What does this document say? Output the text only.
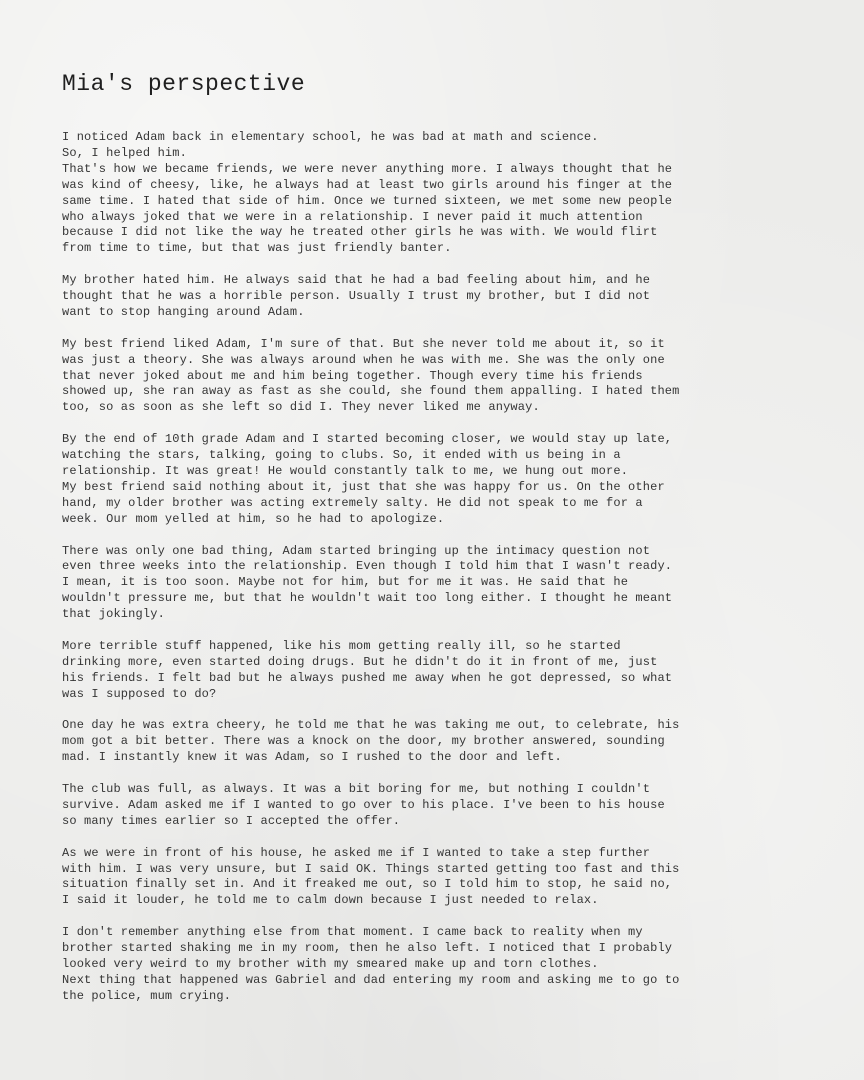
Mia's perspective
I noticed Adam back in elementary school, he was bad at math and science.
So, I helped him.
That's how we became friends, we were never anything more. I always thought that he
was kind of cheesy, like, he always had at least two girls around his finger at the
same time. I hated that side of him. Once we turned sixteen, we met some new people
who always joked that we were in a relationship. I never paid it much attention
because I did not like the way he treated other girls he was with. We would flirt
from time to time, but that was just friendly banter.
My brother hated him. He always said that he had a bad feeling about him, and he
thought that he was a horrible person. Usually I trust my brother, but I did not
want to stop hanging around Adam.
My best friend liked Adam, I'm sure of that. But she never told me about it, so it
was just a theory. She was always around when he was with me. She was the only one
that never joked about me and him being together. Though every time his friends
showed up, she ran away as fast as she could, she found them appalling. I hated them
too, so as soon as she left so did I. They never liked me anyway.
By the end of 10th grade Adam and I started becoming closer, we would stay up late,
watching the stars, talking, going to clubs. So, it ended with us being in a
relationship. It was great! He would constantly talk to me, we hung out more.
My best friend said nothing about it, just that she was happy for us. On the other
hand, my older brother was acting extremely salty. He did not speak to me for a
week. Our mom yelled at him, so he had to apologize.
There was only one bad thing, Adam started bringing up the intimacy question not
even three weeks into the relationship. Even though I told him that I wasn't ready.
I mean, it is too soon. Maybe not for him, but for me it was. He said that he
wouldn't pressure me, but that he wouldn't wait too long either. I thought he meant
that jokingly.
More terrible stuff happened, like his mom getting really ill, so he started
drinking more, even started doing drugs. But he didn't do it in front of me, just
his friends. I felt bad but he always pushed me away when he got depressed, so what
was I supposed to do?
One day he was extra cheery, he told me that he was taking me out, to celebrate, his
mom got a bit better. There was a knock on the door, my brother answered, sounding
mad. I instantly knew it was Adam, so I rushed to the door and left.
The club was full, as always. It was a bit boring for me, but nothing I couldn't
survive. Adam asked me if I wanted to go over to his place. I've been to his house
so many times earlier so I accepted the offer.
As we were in front of his house, he asked me if I wanted to take a step further
with him. I was very unsure, but I said OK. Things started getting too fast and this
situation finally set in. And it freaked me out, so I told him to stop, he said no,
I said it louder, he told me to calm down because I just needed to relax.
I don't remember anything else from that moment. I came back to reality when my
brother started shaking me in my room, then he also left. I noticed that I probably
looked very weird to my brother with my smeared make up and torn clothes.
Next thing that happened was Gabriel and dad entering my room and asking me to go to
the police, mum crying.
